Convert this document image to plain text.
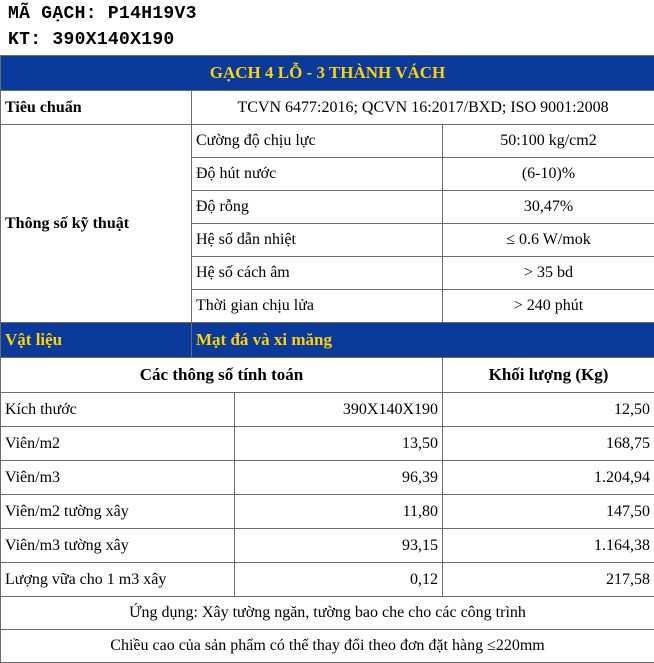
MÃ GẠCH: P14H19V3
KT: 390X140X190
GẠCH 4 LỖ - 3 THÀNH VÁCH			
Tiêu chuẩn	TCVN 6477:2016; QCVN 16:2017/BXD; ISO 9001:2008		
Thông số kỹ thuật	Cường độ chịu lực		50:100 kg/cm2
	Độ hút nước		(6-10)%
	Độ rỗng		30,47%
	Hệ số dẫn nhiệt		≤ 0.6 W/mok
	Hệ số cách âm		> 35 bd
	Thời gian chịu lửa		> 240 phút
Vật liệu	Mạt đá và xi măng		
Các thông số tính toán			Khối lượng (Kg)
Kích thước		390X140X190	12,50
Viên/m2		13,50	168,75
Viên/m3		96,39	1.204,94
Viên/m2 tường xây		11,80	147,50
Viên/m3 tường xây		93,15	1.164,38
Lượng vữa cho 1 m3 xây		0,12	217,58
Ứng dụng: Xây tường ngăn, tường bao che cho các công trình			
Chiều cao của sản phẩm có thể thay đổi theo đơn đặt hàng ≤220mm			
